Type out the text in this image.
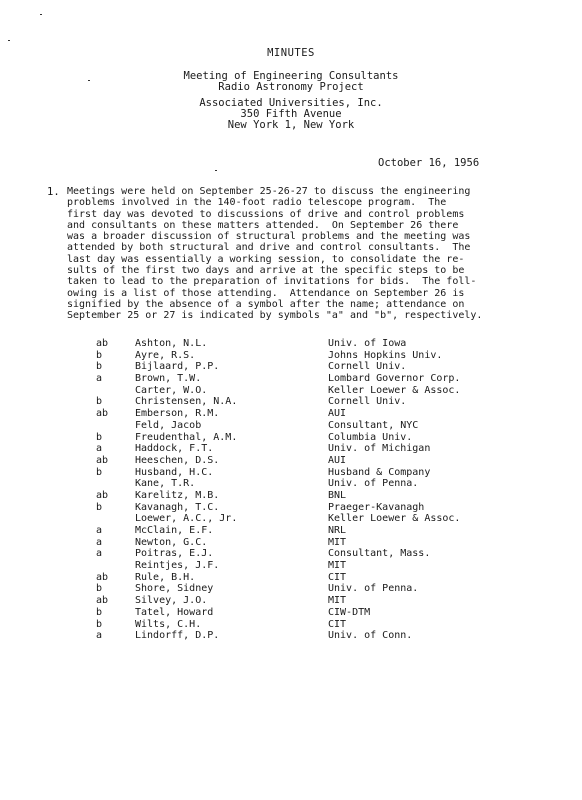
MINUTES
Meeting of Engineering Consultants
Radio Astronomy Project
Associated Universities, Inc.
350 Fifth Avenue
New York 1, New York
October 16, 1956
1. Meetings were held on September 25-26-27 to discuss the engineering
problems involved in the 140-foot radio telescope program.  The
first day was devoted to discussions of drive and control problems
and consultants on these matters attended.  On September 26 there
was a broader discussion of structural problems and the meeting was
attended by both structural and drive and control consultants.  The
last day was essentially a working session, to consolidate the re-
sults of the first two days and arrive at the specific steps to be
taken to lead to the preparation of invitations for bids.  The foll-
owing is a list of those attending.  Attendance on September 26 is
signified by the absence of a symbol after the name; attendance on
September 25 or 27 is indicated by symbols "a" and "b", respectively.
ab	Ashton, N.L.	Univ. of Iowa
b	Ayre, R.S.	Johns Hopkins Univ.
b	Bijlaard, P.P.	Cornell Univ.
a	Brown, T.W.	Lombard Governor Corp.
Carter, W.O.	Keller Loewer & Assoc.
b	Christensen, N.A.	Cornell Univ.
ab	Emberson, R.M.	AUI
Feld, Jacob	Consultant, NYC
b	Freudenthal, A.M.	Columbia Univ.
a	Haddock, F.T.	Univ. of Michigan
ab	Heeschen, D.S.	AUI
b	Husband, H.C.	Husband & Company
Kane, T.R.	Univ. of Penna.
ab	Karelitz, M.B.	BNL
b	Kavanagh, T.C.	Praeger-Kavanagh
Loewer, A.C., Jr.	Keller Loewer & Assoc.
a	McClain, E.F.	NRL
a	Newton, G.C.	MIT
a	Poitras, E.J.	Consultant, Mass.
Reintjes, J.F.	MIT
ab	Rule, B.H.	CIT
b	Shore, Sidney	Univ. of Penna.
ab	Silvey, J.O.	MIT
b	Tatel, Howard	CIW-DTM
b	Wilts, C.H.	CIT
a	Lindorff, D.P.	Univ. of Conn.
